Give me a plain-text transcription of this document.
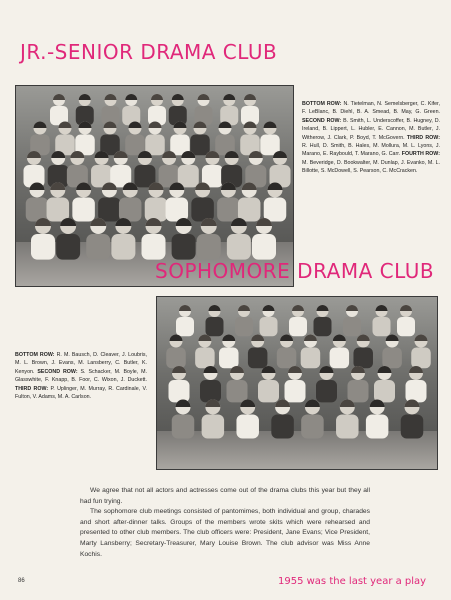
JR.-SENIOR DRAMA CLUB
BOTTOM ROW: N. Tietelman, N. Semelsberger, C. Kifer, F. LeBlanc, B. Diehl, B. A. Smead, B. May, G. Green. SECOND ROW: B. Smith, L. Underscoffer, B. Hugney, D. Ireland, B. Lippert, L. Hubler, E. Cannon, M. Butler, J. Witherow, J. Clark, P. Boyd, T. McGovern. THIRD ROW: R. Hull, D. Smith, B. Hales, M. Mollura, M. L. Lyons, J. Marano, E. Raybould, T. Marano, G. Carr. FOURTH ROW: M. Beveridge, D. Bookwalter, M. Dunlap, J. Evanko, M. L. Billotte, S. McDowell, S. Pearson, C. McCracken.
SOPHOMORE DRAMA CLUB
BOTTOM ROW: R. M. Bausch, D. Cleaver, J. Loubris, M. L. Brown, J. Evans, M. Lansberry, C. Butler, K. Kenyon. SECOND ROW: S. Schacker, M. Boyle, M. Glasswhite, F. Knapp, B. Foor, C. Wixon, J. Duckett. THIRD ROW: P. Uplinger, M. Murray, R. Cardinale, V. Fulton, V. Adams, M. A. Carlson.

We agree that not all actors and actresses come out of the drama clubs this year but they all had fun trying.

The sophomore club meetings consisted of pantomimes, both individual and group, charades and short after-dinner talks. Groups of the members wrote skits which were rehearsed and presented to other club members. The club officers were: President, Jane Evans; Vice President, Marty Lansberry; Secretary-Treasurer, Mary Louise Brown. The club advisor was Miss Anne Kochis.

86	1955 was the last year a play
